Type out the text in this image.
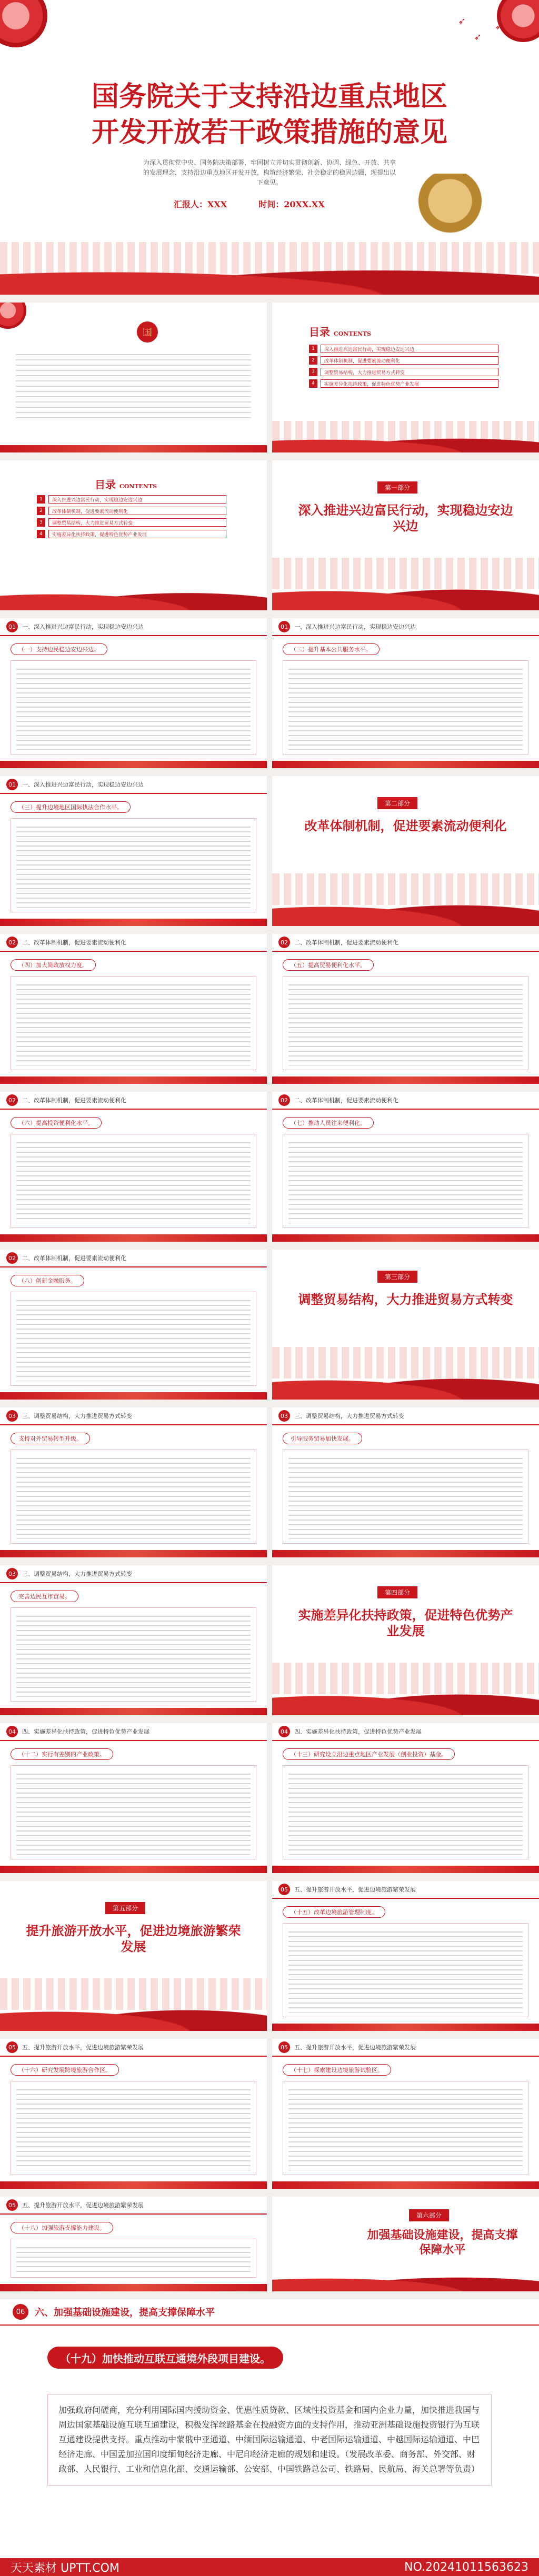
➶
➶
➶
国务院关于支持沿边重点地区
开发开放若干政策措施的意见
为深入贯彻党中央、国务院决策部署，牢固树立并切实贯彻创新、协调、绿色、开放、共享的发展理念，支持沿边重点地区开发开放，构筑经济繁荣、社会稳定的稳固边疆，现提出以下意见。
汇报人：XXX	时间：20XX.XX
国	目录 CONTENTS
1	深入推进兴边富民行动，实现稳边安边兴边
2	改革体制机制，促进要素流动便利化
3	调整贸易结构，大力推进贸易方式转变
4	实施差异化扶持政策，促进特色优势产业发展
目录 CONTENTS
1	深入推进兴边富民行动，实现稳边安边兴边
2	改革体制机制，促进要素流动便利化
3	调整贸易结构，大力推进贸易方式转变
4	实施差异化扶持政策，促进特色优势产业发展
第一部分
深入推进兴边富民行动，实现稳边安边兴边
01	一、深入推进兴边富民行动，实现稳边安边兴边
（一）支持边民稳边安边兴边。
01	一、深入推进兴边富民行动，实现稳边安边兴边
（二）提升基本公共服务水平。
01	一、深入推进兴边富民行动，实现稳边安边兴边
（三）提升边境地区国际执法合作水平。
第二部分
改革体制机制，促进要素流动便利化
02	二、改革体制机制，促进要素流动便利化
（四）加大简政放权力度。
02	二、改革体制机制，促进要素流动便利化
（五）提高贸易便利化水平。
02	二、改革体制机制，促进要素流动便利化
（六）提高投资便利化水平。
02	二、改革体制机制，促进要素流动便利化
（七）推动人员往来便利化。
02	二、改革体制机制，促进要素流动便利化
（八）创新金融服务。
第三部分
调整贸易结构，大力推进贸易方式转变
03	三、调整贸易结构，大力推进贸易方式转变
支持对外贸易转型升级。
03	三、调整贸易结构，大力推进贸易方式转变
引导服务贸易加快发展。
03	三、调整贸易结构，大力推进贸易方式转变
完善边民互市贸易。
第四部分
实施差异化扶持政策，促进特色优势产业发展
04	四、实施差异化扶持政策，促进特色优势产业发展
（十二）实行有差别的产业政策。
04	四、实施差异化扶持政策，促进特色优势产业发展
（十三）研究设立沿边重点地区产业发展（创业投资）基金。
第五部分
提升旅游开放水平，促进边境旅游繁荣发展
05	五、提升旅游开放水平，促进边境旅游繁荣发展
（十五）改革边境旅游管理制度。
05	五、提升旅游开放水平，促进边境旅游繁荣发展
（十六）研究发展跨境旅游合作区。
05	五、提升旅游开放水平，促进边境旅游繁荣发展
（十七）探索建设边境旅游试验区。
05	五、提升旅游开放水平，促进边境旅游繁荣发展
（十八）加强旅游支撑能力建设。
第六部分
加强基础设施建设，提高支撑保障水平
06	六、加强基础设施建设，提高支撑保障水平
（十九）加快推动互联互通境外段项目建设。
加强政府间磋商，充分利用国际国内援助资金、优惠性质贷款、区域性投资基金和国内企业力量，加快推进我国与周边国家基础设施互联互通建设，积极发挥丝路基金在投融资方面的支持作用，推动亚洲基础设施投资银行为互联互通建设提供支持。重点推动中蒙俄中亚通道、中缅国际运输通道、中老国际运输通道、中越国际运输通道、中巴经济走廊、中国孟加拉国印度缅甸经济走廊、中尼印经济走廊的规划和建设。（发展改革委、商务部、外交部、财政部、人民银行、工业和信息化部、交通运输部、公安部、中国铁路总公司、铁路局、民航局、海关总署等负责）
天天素材 UPTT.COM	NO.20241011563623
